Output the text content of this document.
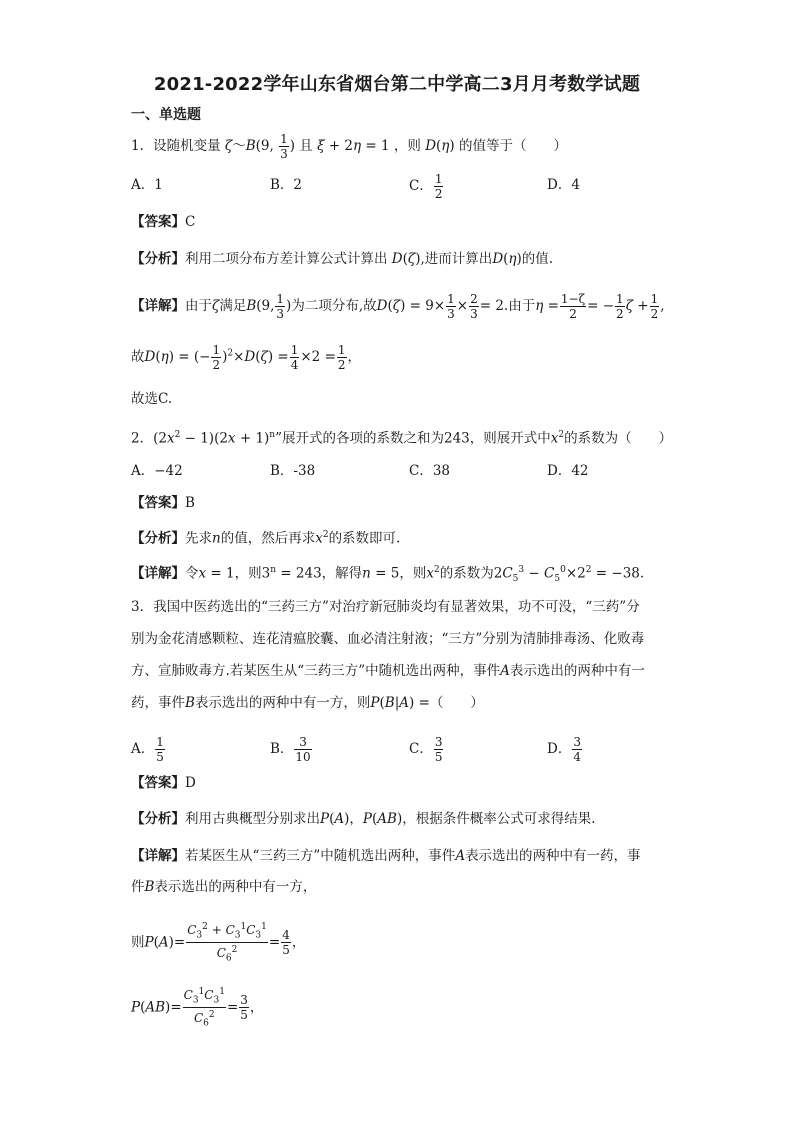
2021-2022学年山东省烟台第二中学高二3月月考数学试题
一、单选题
1．设随机变量 ζ～B(9, $\frac{1}{3}$ ) 且 ξ + 2η = 1 ，则 D(η) 的值等于（　　）
A．1	B．2	C． $\frac{1}{2}$	D．4
【答案】C
【分析】利用二项分布方差计算公式计算出 D(ζ),进而计算出D(η)的值.
【详解】由于ζ满足B(9, $\frac{1}{3}$ )为二项分布,故$D(\zeta) = 9\times \frac{1}{3} \times \frac{2}{3} = 2$.由于$\eta = \frac{1-\zeta}{2}$ = − $\frac{1}{2}$ $\zeta + \frac{1}{2}$ ,
故D(η) = (− $\frac{1}{2} )^2\times D(\zeta) = \frac{1}{4} \times 2 = \frac{1}{2}$ ，
故选C.
2．$(2x^2 - 1)(2x + 1)^n$”展开式的各项的系数之和为243，则展开式中$x^2$的系数为（　　）
A．−42	B．-38	C．38	D．42
【答案】B
【分析】先求n的值，然后再求$x^2$的系数即可.
【详解】令x = 1，则$3^n = 243$，解得n = 5，则$x^2$的系数为$2C_5^3 - C_5^0\times 2^2 = -38$.
3．我国中医药选出的“三药三方”对治疗新冠肺炎均有显著效果，功不可没，“三药”分
别为金花清感颗粒、连花清瘟胶囊、血必清注射液；“三方”分别为清肺排毒汤、化败毒
方、宣肺败毒方.若某医生从“三药三方”中随机选出两种，事件A表示选出的两种中有一
药，事件B表示选出的两种中有一方，则P(B|A) =（　　）
A． $\frac{1}{5}$	B． $\frac{3}{10}$	C． $\frac{3}{5}$	D． $\frac{3}{4}$
【答案】D
【分析】利用古典概型分别求出P(A)，P(AB)，根据条件概率公式可求得结果.
【详解】若某医生从“三药三方”中随机选出两种，事件A表示选出的两种中有一药，事
件B表示选出的两种中有一方，
则$P(A)= \frac{C_3^2 + C_3^1C_3^1}{C_6^2} = \frac{4}{5}$ ，
$P(AB)= \frac{C_3^1C_3^1}{C_6^2} = \frac{3}{5}$ ，
